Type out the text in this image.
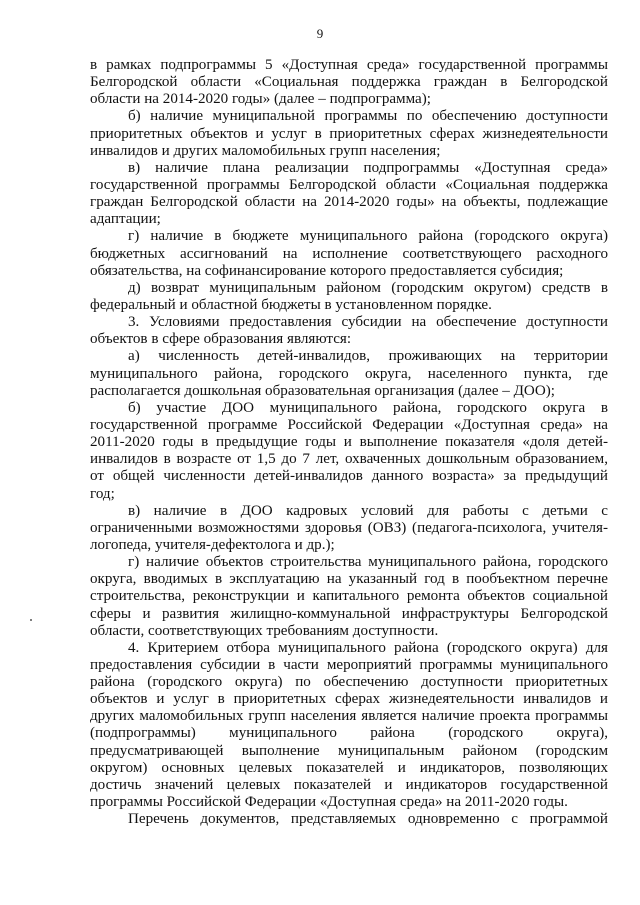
9
в рамках подпрограммы 5 «Доступная среда» государственной программы
Белгородской области «Социальная поддержка граждан в Белгородской
области на 2014-2020 годы» (далее – подпрограмма);
б) наличие муниципальной программы по обеспечению доступности
приоритетных объектов и услуг в приоритетных сферах жизнедеятельности
инвалидов и других маломобильных групп населения;
в) наличие плана реализации подпрограммы «Доступная среда»
государственной программы Белгородской области «Социальная поддержка
граждан Белгородской области на 2014-2020 годы» на объекты, подлежащие
адаптации;
г) наличие в бюджете муниципального района (городского округа)
бюджетных ассигнований на исполнение соответствующего расходного
обязательства, на софинансирование которого предоставляется субсидия;
д) возврат муниципальным районом (городским округом) средств в
федеральный и областной бюджеты в установленном порядке.
3. Условиями предоставления субсидии на обеспечение доступности
объектов в сфере образования являются:
а) численность детей-инвалидов, проживающих на территории
муниципального района, городского округа, населенного пункта, где
располагается дошкольная образовательная организация (далее – ДОО);
б) участие ДОО муниципального района, городского округа в
государственной программе Российской Федерации «Доступная среда» на
2011-2020 годы в предыдущие годы и выполнение показателя «доля детей-
инвалидов в возрасте от 1,5 до 7 лет, охваченных дошкольным образованием,
от общей численности детей-инвалидов данного возраста» за предыдущий
год;
в) наличие в ДОО кадровых условий для работы с детьми с
ограниченными возможностями здоровья (ОВЗ) (педагога-психолога, учителя-
логопеда, учителя-дефектолога и др.);
г) наличие объектов строительства муниципального района, городского
округа, вводимых в эксплуатацию на указанный год в пообъектном перечне
строительства, реконструкции и капитального ремонта объектов социальной
сферы и развития жилищно-коммунальной инфраструктуры Белгородской
области, соответствующих требованиям доступности.
4. Критерием отбора муниципального района (городского округа) для
предоставления субсидии в части мероприятий программы муниципального
района (городского округа) по обеспечению доступности приоритетных
объектов и услуг в приоритетных сферах жизнедеятельности инвалидов и
других маломобильных групп населения является наличие проекта программы
(подпрограммы) муниципального района (городского округа),
предусматривающей выполнение муниципальным районом (городским
округом) основных целевых показателей и индикаторов, позволяющих
достичь значений целевых показателей и индикаторов государственной
программы Российской Федерации «Доступная среда» на 2011-2020 годы.
Перечень документов, представляемых одновременно с программой
